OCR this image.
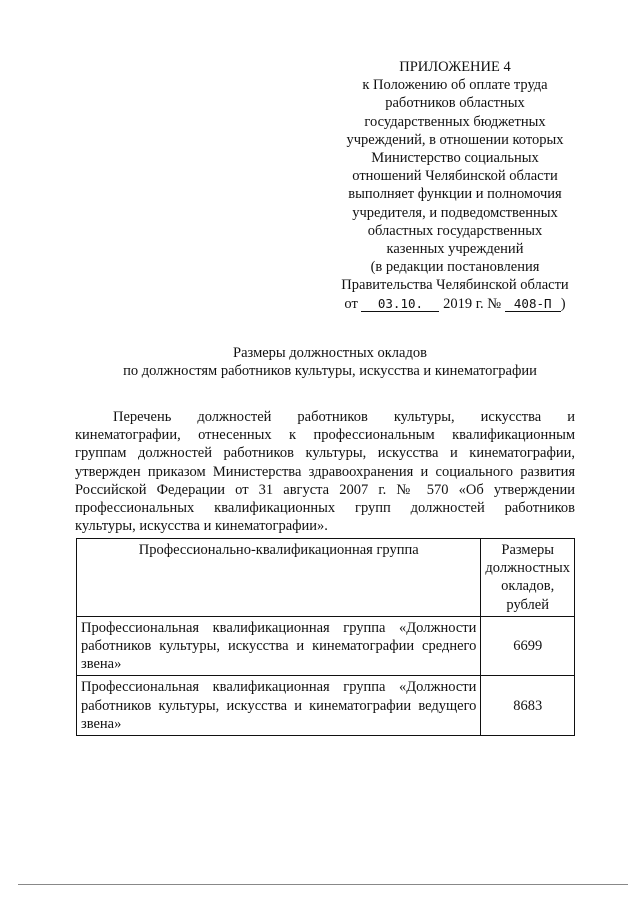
ПРИЛОЖЕНИЕ 4
к Положению об оплате труда
работников областных
государственных бюджетных
учреждений, в отношении которых
Министерство социальных
отношений Челябинской области
выполняет функции и полномочия
учредителя, и подведомственных
областных государственных
казенных учреждений
(в редакции постановления
Правительства Челябинской области
от 03.10. 2019 г. № 408-П )
Размеры должностных окладов
по должностям работников культуры, искусства и кинематографии
Перечень должностей работников культуры, искусства и
кинематографии, отнесенных к профессиональным квалификационным
группам должностей работников культуры, искусства и кинематографии,
утвержден приказом Министерства здравоохранения и социального развития
Российской Федерации от 31 августа 2007 г. № 570 «Об утверждении
профессиональных квалификационных групп должностей работников
культуры, искусства и кинематографии».
Профессионально-квалификационная группа	Размеры
должностных
окладов,
рублей

Профессиональная квалификационная группа «Должности работников культуры, искусства и кинематографии среднего звена»	6699
Профессиональная квалификационная группа «Должности работников культуры, искусства и кинематографии ведущего звена»	8683
